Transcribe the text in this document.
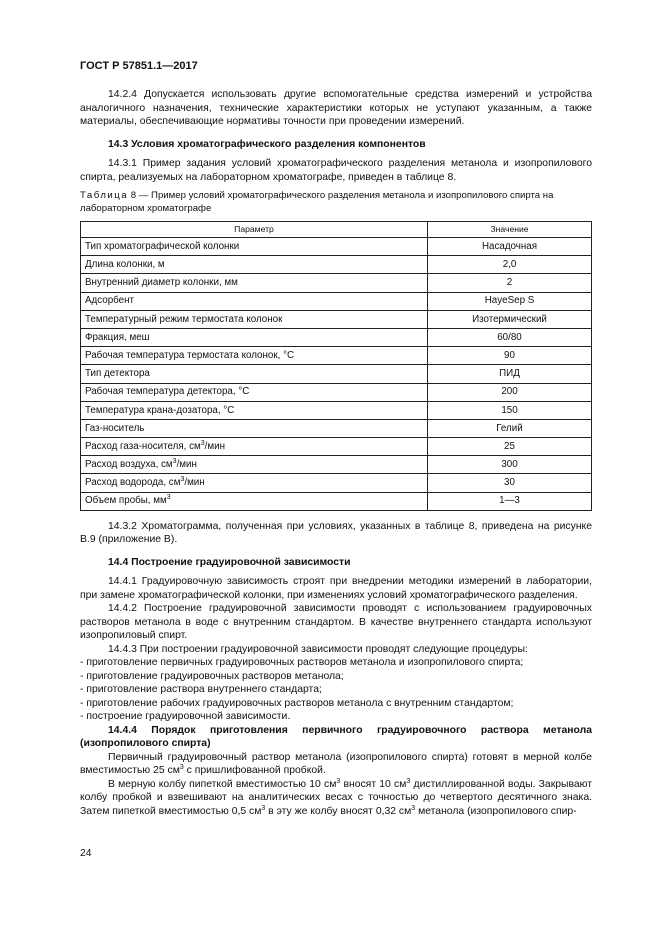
ГОСТ Р 57851.1—2017

14.2.4 Допускается использовать другие вспомогательные средства измерений и устройства аналогичного назначения, технические характеристики которых не уступают указанным, а также материалы, обеспечивающие нормативы точности при проведении измерений.

14.3 Условия хроматографического разделения компонентов

14.3.1 Пример задания условий хроматографического разделения метанола и изопропилового спирта, реализуемых на лабораторном хроматографе, приведен в таблице 8.

Таблица 8 — Пример условий хроматографического разделения метанола и изопропилового спирта на лабораторном хроматографе

Параметр	Значение
Тип хроматографической колонки	Насадочная
Длина колонки, м	2,0
Внутренний диаметр колонки, мм	2
Адсорбент	HayeSep S
Температурный режим термостата колонок	Изотермический
Фракция, меш	60/80
Рабочая температура термостата колонок, °C	90
Тип детектора	ПИД
Рабочая температура детектора, °C	200
Температура крана-дозатора, °C	150
Газ-носитель	Гелий
Расход газа-носителя, $см^3$/мин	25
Расход воздуха, $см^3$/мин	300
Расход водорода, $см^3$/мин	30
Объем пробы, $мм^3$	1—3

14.3.2 Хроматограмма, полученная при условиях, указанных в таблице 8, приведена на рисунке В.9 (приложение В).

14.4 Построение градуировочной зависимости

14.4.1 Градуировочную зависимость строят при внедрении методики измерений в лаборатории, при замене хроматографической колонки, при изменениях условий хроматографического разделения.

14.4.2 Построение градуировочной зависимости проводят с использованием градуировочных растворов метанола в воде с внутренним стандартом. В качестве внутреннего стандарта используют изопропиловый спирт.

14.4.3 При построении градуировочной зависимости проводят следующие процедуры:

- приготовление первичных градуировочных растворов метанола и изопропилового спирта;

- приготовление градуировочных растворов метанола;

- приготовление раствора внутреннего стандарта;

- приготовление рабочих градуировочных растворов метанола с внутренним стандартом;

- построение градуировочной зависимости.

14.4.4 Порядок приготовления первичного градуировочного раствора метанола (изопропилового спирта)

Первичный градуировочный раствор метанола (изопропилового спирта) готовят в мерной колбе вместимостью 25 $см^3$ с пришлифованной пробкой.

В мерную колбу пипеткой вместимостью 10 $см^3$ вносят 10 $см^3$ дистиллированной воды. Закрывают колбу пробкой и взвешивают на аналитических весах с точностью до четвертого десятичного знака. Затем пипеткой вместимостью 0,5 $см^3$ в эту же колбу вносят 0,32 $см^3$ метанола (изопропилового спир-

24
